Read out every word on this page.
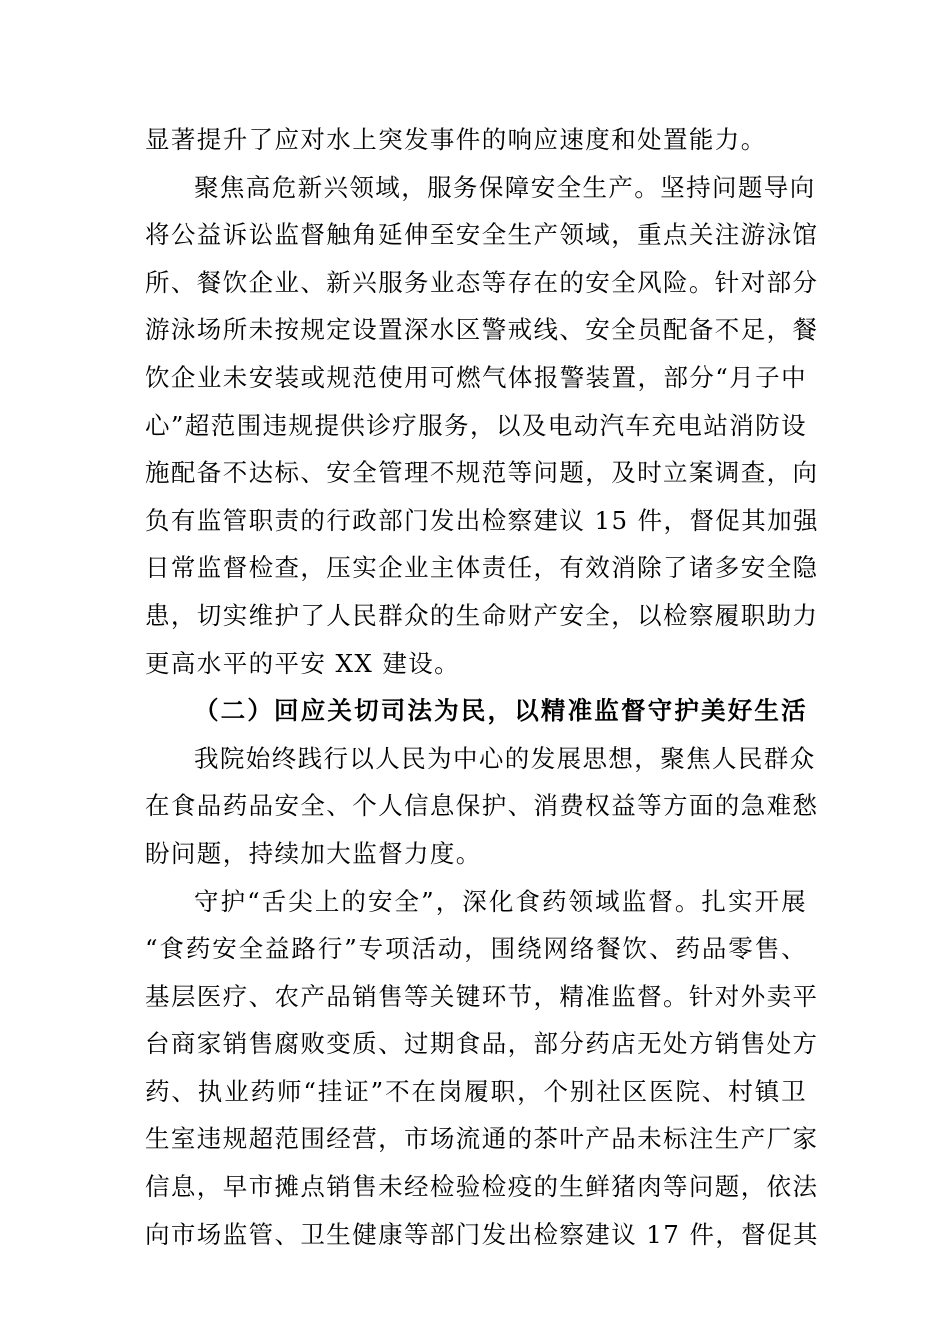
显著提升了应对水上突发事件的响应速度和处置能力。
聚焦高危新兴领域，服务保障安全生产。坚持问题导向
将公益诉讼监督触角延伸至安全生产领域，重点关注游泳馆
所、餐饮企业、新兴服务业态等存在的安全风险。针对部分
游泳场所未按规定设置深水区警戒线、安全员配备不足，餐
饮企业未安装或规范使用可燃气体报警装置，部分“月子中
心”超范围违规提供诊疗服务，以及电动汽车充电站消防设
施配备不达标、安全管理不规范等问题，及时立案调查，向
负有监管职责的行政部门发出检察建议 15 件，督促其加强
日常监督检查，压实企业主体责任，有效消除了诸多安全隐
患，切实维护了人民群众的生命财产安全，以检察履职助力
更高水平的平安 XX 建设。
（二）回应关切司法为民，以精准监督守护美好生活
我院始终践行以人民为中心的发展思想，聚焦人民群众
在食品药品安全、个人信息保护、消费权益等方面的急难愁
盼问题，持续加大监督力度。
守护“舌尖上的安全”，深化食药领域监督。扎实开展
“食药安全益路行”专项活动，围绕网络餐饮、药品零售、
基层医疗、农产品销售等关键环节，精准监督。针对外卖平
台商家销售腐败变质、过期食品，部分药店无处方销售处方
药、执业药师“挂证”不在岗履职，个别社区医院、村镇卫
生室违规超范围经营，市场流通的茶叶产品未标注生产厂家
信息，早市摊点销售未经检验检疫的生鲜猪肉等问题，依法
向市场监管、卫生健康等部门发出检察建议 17 件，督促其
